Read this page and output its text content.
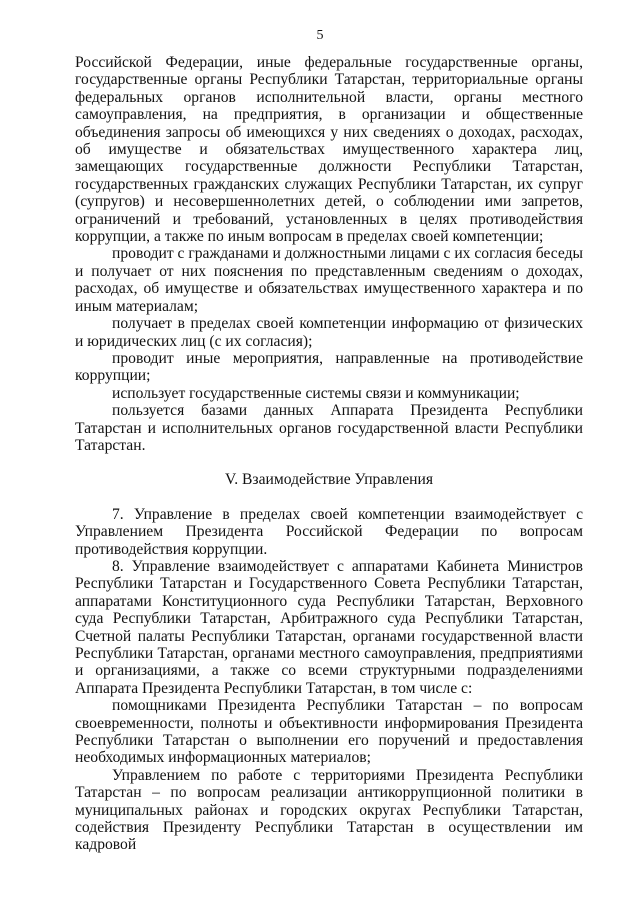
5

Российской Федерации, иные федеральные государственные органы, государственные органы Республики Татарстан, территориальные органы федеральных органов исполнительной власти, органы местного самоуправления, на предприятия, в организации и общественные объединения запросы об имеющихся у них сведениях о доходах, расходах, об имуществе и обязательствах имущественного характера лиц, замещающих государственные должности Республики Татарстан, государственных гражданских служащих Республики Татарстан, их супруг (супругов) и несовершеннолетних детей, о соблюдении ими запретов, ограничений и требований, установленных в целях противодействия коррупции, а также по иным вопросам в пределах своей компетенции;

проводит с гражданами и должностными лицами с их согласия беседы и получает от них пояснения по представленным сведениям о доходах, расходах, об имуществе и обязательствах имущественного характера и по иным материалам;

получает в пределах своей компетенции информацию от физических и юридических лиц (с их согласия);

проводит иные мероприятия, направленные на противодействие коррупции;

использует государственные системы связи и коммуникации;

пользуется базами данных Аппарата Президента Республики Татарстан и исполнительных органов государственной власти Республики Татарстан.

V. Взаимодействие Управления

7. Управление в пределах своей компетенции взаимодействует с Управлением Президента Российской Федерации по вопросам противодействия коррупции.

8. Управление взаимодействует с аппаратами Кабинета Министров Республики Татарстан и Государственного Совета Республики Татарстан, аппаратами Конституционного суда Республики Татарстан, Верховного суда Республики Татарстан, Арбитражного суда Республики Татарстан, Счетной палаты Республики Татарстан, органами государственной власти Республики Татарстан, органами местного самоуправления, предприятиями и организациями, а также со всеми структурными подразделениями Аппарата Президента Республики Татарстан, в том числе с:

помощниками Президента Республики Татарстан – по вопросам своевременности, полноты и объективности информирования Президента Республики Татарстан о выполнении его поручений и предоставления необходимых информационных материалов;

Управлением по работе с территориями Президента Республики Татарстан – по вопросам реализации антикоррупционной политики в муниципальных районах и городских округах Республики Татарстан, содействия Президенту Республики Татарстан в осуществлении им кадровой
